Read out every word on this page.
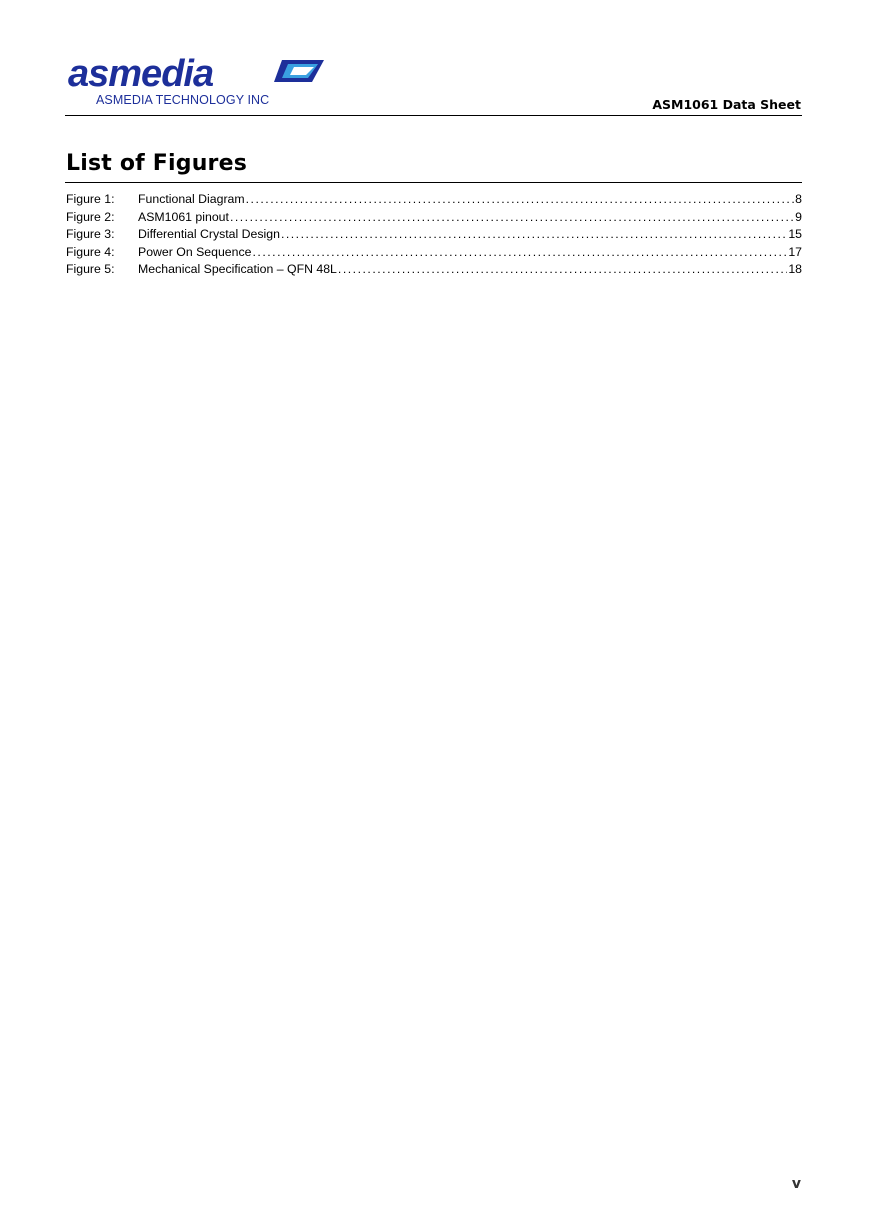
asmedia
ASMEDIA TECHNOLOGY INC	ASM1061 Data Sheet
List of Figures
Figure 1:	Functional Diagram .....	8
Figure 2:	ASM1061 pinout .....	9
Figure 3:	Differential Crystal Design .....	15
Figure 4:	Power On Sequence .....	17
Figure 5:	Mechanical Specification – QFN 48L .....	18
v
